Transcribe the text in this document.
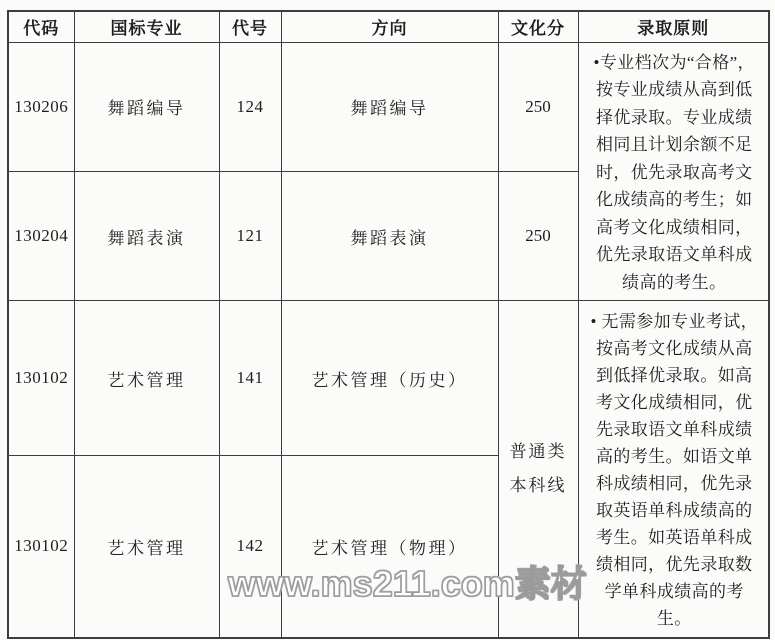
代码	国标专业	代号	方向	文化分	录取原则
130206	舞蹈编导	124	舞蹈编导	250	•专业档次为“合格”，按专业成绩从高到低择优录取。专业成绩相同且计划余额不足时，优先录取高考文化成绩高的考生；如高考文化成绩相同，优先录取语文单科成绩高的考生。
130204	舞蹈表演	121	舞蹈表演	250	
130102	艺术管理	141	艺术管理（历史）	普通类本科线	• 无需参加专业考试，按高考文化成绩从高到低择优录取。如高考文化成绩相同，优先录取语文单科成绩高的考生。如语文单科成绩相同，优先录取英语单科成绩高的考生。如英语单科成绩相同，优先录取数学单科成绩高的考生。
130102	艺术管理	142	艺术管理（物理）		
www.ms211.com素材
